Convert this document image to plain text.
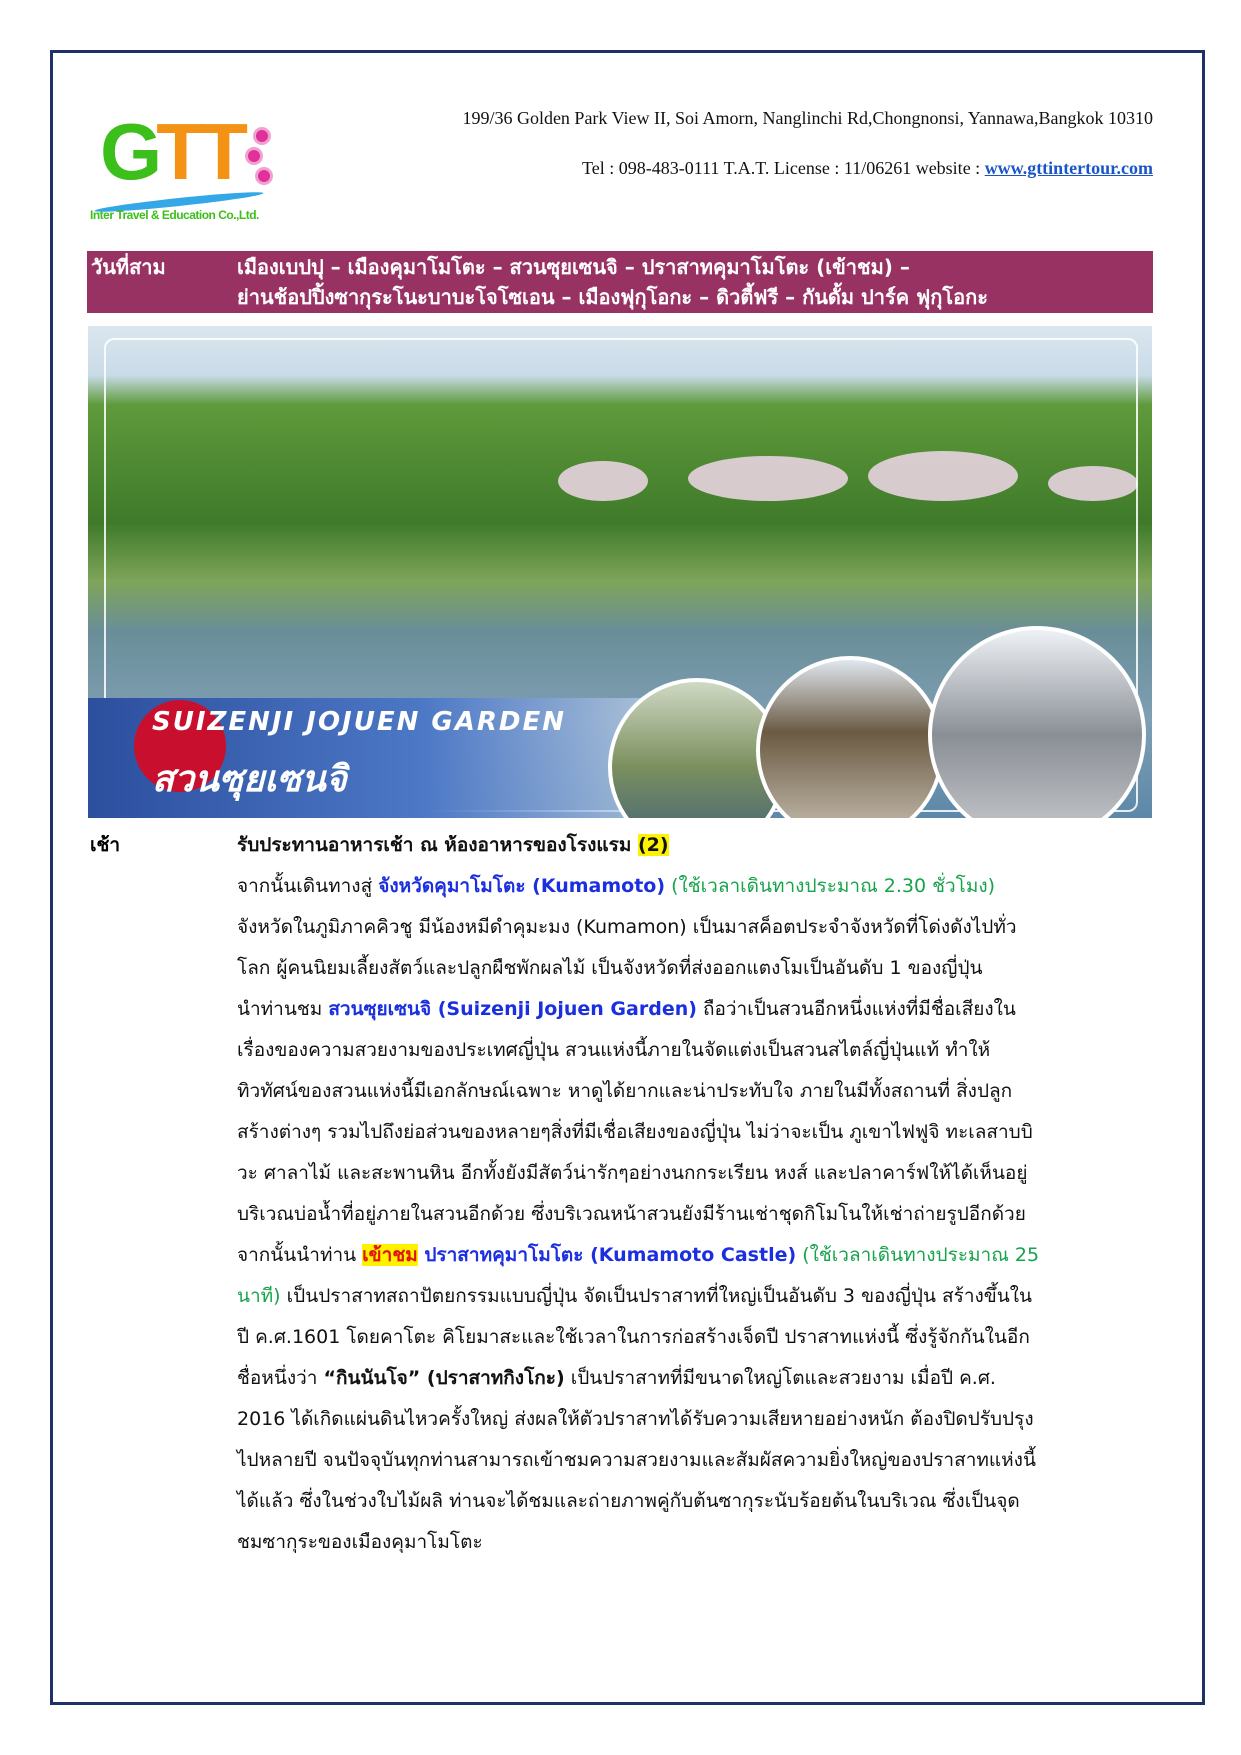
GTT
Inter Travel & Education Co.,Ltd.
199/36 Golden Park View II, Soi Amorn, Nanglinchi Rd,Chongnonsi, Yannawa,Bangkok 10310
Tel : 098-483-0111 T.A.T. License : 11/06261 website : www.gttintertour.com
วันที่สาม	เมืองเบปปุ – เมืองคุมาโมโตะ – สวนซุยเซนจิ – ปราสาทคุมาโมโตะ (เข้าชม) –
ย่านช้อปปิ้งซากุระโนะบาบะโจโซเอน – เมืองฟุกุโอกะ – ดิวตี้ฟรี – กันดั้ม ปาร์ค ฟุกุโอกะ
SUIZENJI JOJUEN GARDEN
สวนซุยเซนจิ
เช้า	รับประทานอาหารเช้า ณ ห้องอาหารของโรงแรม (2)
จากนั้นเดินทางสู่ จังหวัดคุมาโมโตะ (Kumamoto) (ใช้เวลาเดินทางประมาณ 2.30 ชั่วโมง)
จังหวัดในภูมิภาคคิวชู มีน้องหมีดำคุมะมง (Kumamon) เป็นมาสค็อตประจำจังหวัดที่โด่งดังไปทั่ว
โลก ผู้คนนิยมเลี้ยงสัตว์และปลูกผืชพักผลไม้ เป็นจังหวัดที่ส่งออกแตงโมเป็นอันดับ 1 ของญี่ปุ่น
นำท่านชม สวนซุยเซนจิ (Suizenji Jojuen Garden) ถือว่าเป็นสวนอีกหนึ่งแห่งที่มีชื่อเสียงใน
เรื่องของความสวยงามของประเทศญี่ปุ่น สวนแห่งนี้ภายในจัดแต่งเป็นสวนสไตล์ญี่ปุ่นแท้ ทำให้
ทิวทัศน์ของสวนแห่งนี้มีเอกลักษณ์เฉพาะ หาดูได้ยากและน่าประทับใจ ภายในมีทั้งสถานที่ สิ่งปลูก
สร้างต่างๆ รวมไปถึงย่อส่วนของหลายๆสิ่งที่มีเชื่อเสียงของญี่ปุ่น ไม่ว่าจะเป็น ภูเขาไฟฟูจิ ทะเลสาบบิ
วะ ศาลาไม้ และสะพานหิน อีกทั้งยังมีสัตว์น่ารักๆอย่างนกกระเรียน หงส์ และปลาคาร์ฟให้ได้เห็นอยู่
บริเวณบ่อน้ำที่อยู่ภายในสวนอีกด้วย ซึ่งบริเวณหน้าสวนยังมีร้านเช่าชุดกิโมโนให้เช่าถ่ายรูปอีกด้วย
จากนั้นนำท่าน เข้าชม ปราสาทคุมาโมโตะ (Kumamoto Castle) (ใช้เวลาเดินทางประมาณ 25
นาที) เป็นปราสาทสถาปัตยกรรมแบบญี่ปุ่น จัดเป็นปราสาทที่ใหญ่เป็นอันดับ 3 ของญี่ปุ่น สร้างขึ้นใน
ปี ค.ศ.1601 โดยคาโตะ คิโยมาสะและใช้เวลาในการก่อสร้างเจ็ดปี ปราสาทแห่งนี้ ซึ่งรู้จักกันในอีก
ชื่อหนึ่งว่า “กินนันโจ” (ปราสาทกิงโกะ) เป็นปราสาทที่มีขนาดใหญ่โตและสวยงาม เมื่อปี ค.ศ.
2016 ได้เกิดแผ่นดินไหวครั้งใหญ่ ส่งผลให้ตัวปราสาทได้รับความเสียหายอย่างหนัก ต้องปิดปรับปรุง
ไปหลายปี จนปัจจุบันทุกท่านสามารถเข้าชมความสวยงามและสัมผัสความยิ่งใหญ่ของปราสาทแห่งนี้
ได้แล้ว ซึ่งในช่วงใบไม้ผลิ ท่านจะได้ชมและถ่ายภาพคู่กับต้นซากุระนับร้อยต้นในบริเวณ ซึ่งเป็นจุด
ชมซากุระของเมืองคุมาโมโตะ
